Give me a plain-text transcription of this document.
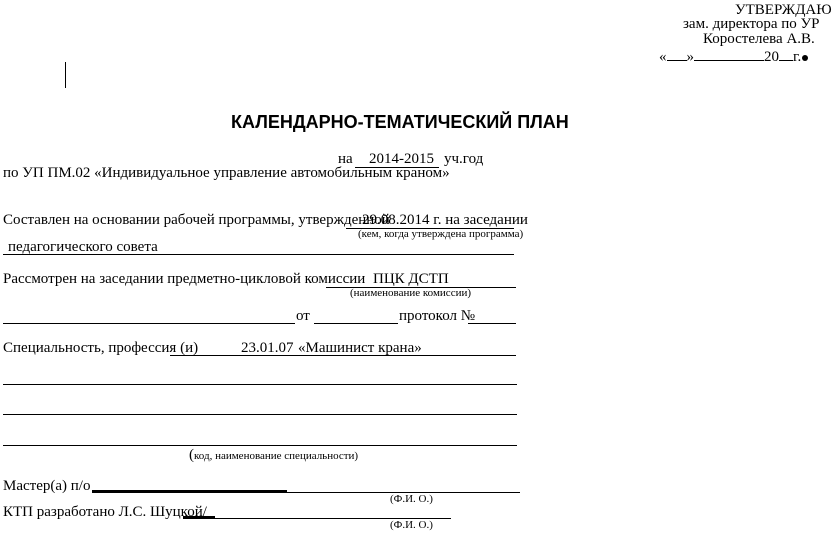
УТВЕРЖДАЮ
зам. директора по УР
Коростелева А.В.
« »	20 г.
КАЛЕНДАРНО-ТЕМАТИЧЕСКИЙ ПЛАН
на 2014-2015 уч.год
по УП ПМ.02 «Индивидуальное управление автомобильным краном»
Составлен на основании рабочей программы, утвержденной
29.08.2014 г. на заседании
(кем, когда утверждена программа)
педагогического совета
Рассмотрен на заседании предметно-цикловой комиссии ПЦК ДСТП
(наименование комиссии)
от	протокол №
Специальность, профессия (и)	23.01.07 «Машинист крана»
(код, наименование специальности)
Мастер(а) п/о
(Ф.И. О.)
КТП разработано Л.С. Шуцкой/
(Ф.И. О.)
